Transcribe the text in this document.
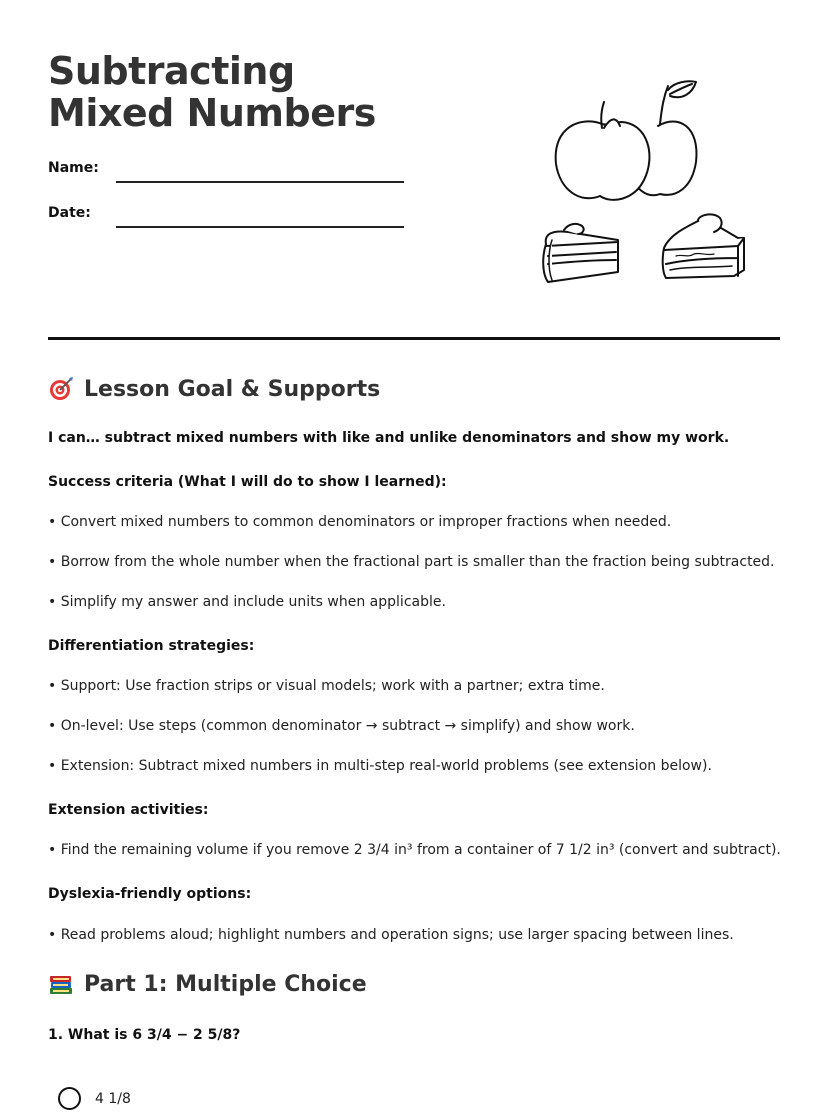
Subtracting Mixed Numbers
Name:
Date:
Lesson Goal & Supports
I can… subtract mixed numbers with like and unlike denominators and show my work.
Success criteria (What I will do to show I learned):
• Convert mixed numbers to common denominators or improper fractions when needed.
• Borrow from the whole number when the fractional part is smaller than the fraction being subtracted.
• Simplify my answer and include units when applicable.
Differentiation strategies:
• Support: Use fraction strips or visual models; work with a partner; extra time.
• On-level: Use steps (common denominator → subtract → simplify) and show work.
• Extension: Subtract mixed numbers in multi-step real-world problems (see extension below).
Extension activities:
• Find the remaining volume if you remove 2 3/4 in³ from a container of 7 1/2 in³ (convert and subtract).
Dyslexia-friendly options:
• Read problems aloud; highlight numbers and operation signs; use larger spacing between lines.
Part 1: Multiple Choice
1. What is 6 3/4 − 2 5/8?
4 1/8
